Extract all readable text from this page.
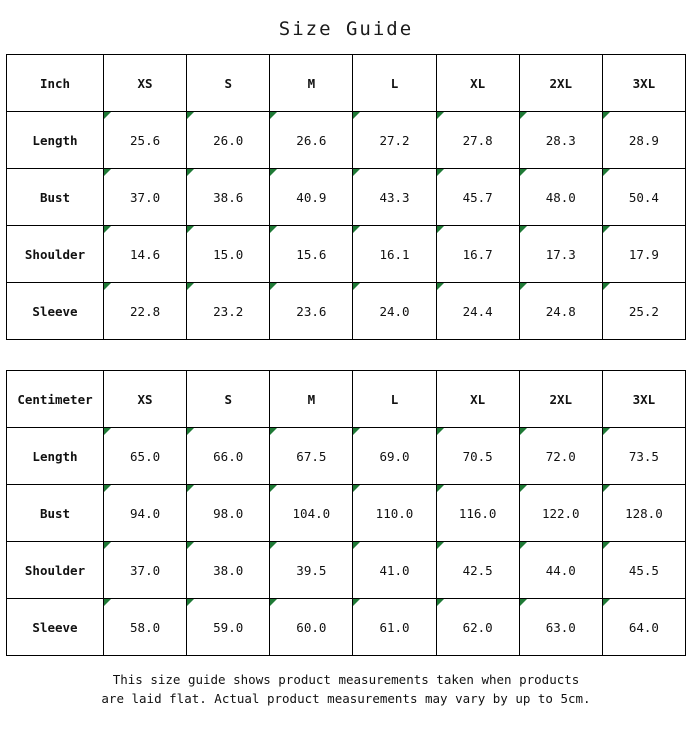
Size Guide
Inch	XS	S	M	L	XL	2XL	3XL
Length	25.6	26.0	26.6	27.2	27.8	28.3	28.9
Bust	37.0	38.6	40.9	43.3	45.7	48.0	50.4
Shoulder	14.6	15.0	15.6	16.1	16.7	17.3	17.9
Sleeve	22.8	23.2	23.6	24.0	24.4	24.8	25.2
Centimeter	XS	S	M	L	XL	2XL	3XL
Length	65.0	66.0	67.5	69.0	70.5	72.0	73.5
Bust	94.0	98.0	104.0	110.0	116.0	122.0	128.0
Shoulder	37.0	38.0	39.5	41.0	42.5	44.0	45.5
Sleeve	58.0	59.0	60.0	61.0	62.0	63.0	64.0
This size guide shows product measurements taken when products
are laid flat. Actual product measurements may vary by up to 5cm.
